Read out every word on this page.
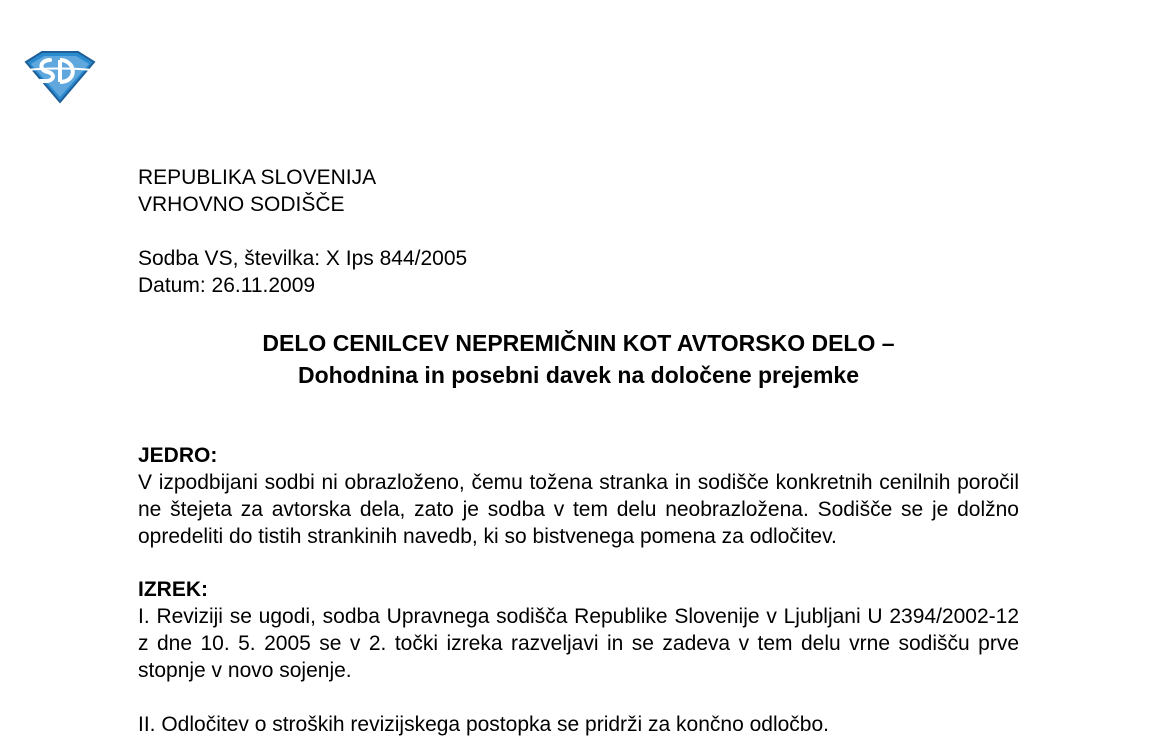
REPUBLIKA SLOVENIJA
VRHOVNO SODIŠČE
Sodba VS, številka: X Ips 844/2005
Datum: 26.11.2009
DELO CENILCEV NEPREMIČNIN KOT AVTORSKO DELO –
Dohodnina in posebni davek na določene prejemke
JEDRO:
V izpodbijani sodbi ni obrazloženo, čemu tožena stranka in sodišče konkretnih cenilnih poročil ne štejeta za avtorska dela, zato je sodba v tem delu neobrazložena. Sodišče se je dolžno opredeliti do tistih strankinih navedb, ki so bistvenega pomena za odločitev.
IZREK:
I. Reviziji se ugodi, sodba Upravnega sodišča Republike Slovenije v Ljubljani U 2394/2002-12 z dne 10. 5. 2005 se v 2. točki izreka razveljavi in se zadeva v tem delu vrne sodišču prve stopnje v novo sojenje.
II. Odločitev o stroških revizijskega postopka se pridrži za končno odločbo.
